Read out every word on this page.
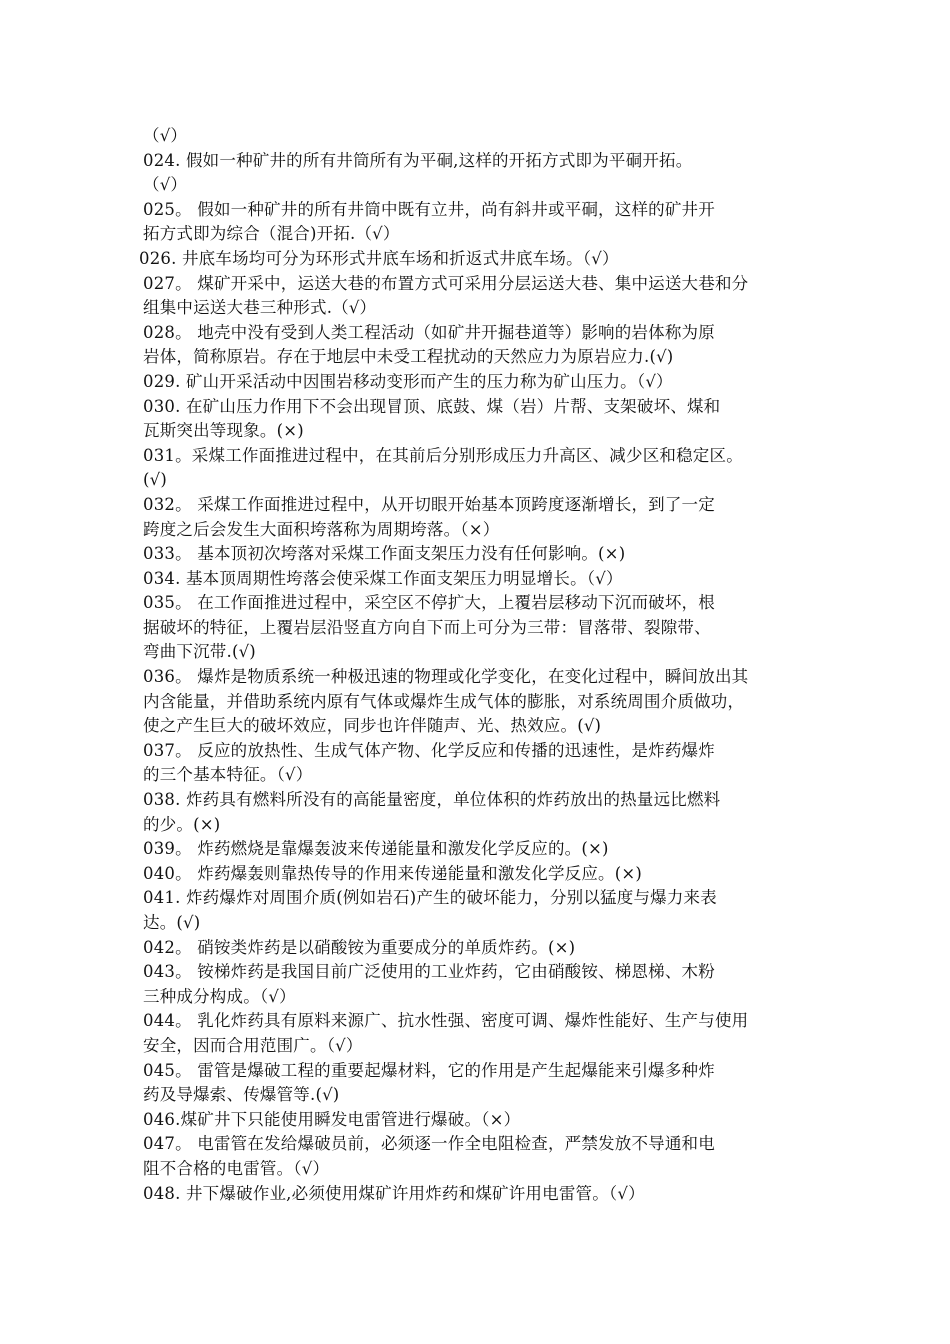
（√）
024. 假如一种矿井的所有井筒所有为平硐,这样的开拓方式即为平硐开拓。
（√）
025。 假如一种矿井的所有井筒中既有立井，尚有斜井或平硐，这样的矿井开
拓方式即为综合（混合)开拓.（√）
026. 井底车场均可分为环形式井底车场和折返式井底车场。（√）
027。 煤矿开采中，运送大巷的布置方式可采用分层运送大巷、集中运送大巷和分
组集中运送大巷三种形式.（√）
028。 地壳中没有受到人类工程活动（如矿井开掘巷道等）影响的岩体称为原
岩体，简称原岩。存在于地层中未受工程扰动的天然应力为原岩应力.(√)
029. 矿山开采活动中因围岩移动变形而产生的压力称为矿山压力。（√）
030. 在矿山压力作用下不会出现冒顶、底鼓、煤（岩）片帮、支架破坏、煤和
瓦斯突出等现象。(×)
031。采煤工作面推进过程中，在其前后分别形成压力升高区、减少区和稳定区。
(√)
032。 采煤工作面推进过程中，从开切眼开始基本顶跨度逐渐增长，到了一定
跨度之后会发生大面积垮落称为周期垮落。（×）
033。 基本顶初次垮落对采煤工作面支架压力没有任何影响。(×)
034. 基本顶周期性垮落会使采煤工作面支架压力明显增长。（√）
035。 在工作面推进过程中，采空区不停扩大，上覆岩层移动下沉而破坏，根
据破坏的特征，上覆岩层沿竖直方向自下而上可分为三带：冒落带、裂隙带、
弯曲下沉带.(√)
036。 爆炸是物质系统一种极迅速的物理或化学变化，在变化过程中，瞬间放出其
内含能量，并借助系统内原有气体或爆炸生成气体的膨胀，对系统周围介质做功，
使之产生巨大的破坏效应，同步也许伴随声、光、热效应。(√)
037。 反应的放热性、生成气体产物、化学反应和传播的迅速性，是炸药爆炸
的三个基本特征。（√）
038. 炸药具有燃料所没有的高能量密度，单位体积的炸药放出的热量远比燃料
的少。(×)
039。 炸药燃烧是靠爆轰波来传递能量和激发化学反应的。(×)
040。 炸药爆轰则靠热传导的作用来传递能量和激发化学反应。(×)
041. 炸药爆炸对周围介质(例如岩石)产生的破坏能力，分别以猛度与爆力来表
达。(√)
042。 硝铵类炸药是以硝酸铵为重要成分的单质炸药。(×)
043。 铵梯炸药是我国目前广泛使用的工业炸药，它由硝酸铵、梯恩梯、木粉
三种成分构成。（√）
044。 乳化炸药具有原料来源广、抗水性强、密度可调、爆炸性能好、生产与使用
安全，因而合用范围广。（√）
045。 雷管是爆破工程的重要起爆材料，它的作用是产生起爆能来引爆多种炸
药及导爆索、传爆管等.(√)
046.煤矿井下只能使用瞬发电雷管进行爆破。（×）
047。 电雷管在发给爆破员前，必须逐一作全电阻检查，严禁发放不导通和电
阻不合格的电雷管。（√）
048. 井下爆破作业,必须使用煤矿许用炸药和煤矿许用电雷管。（√）
